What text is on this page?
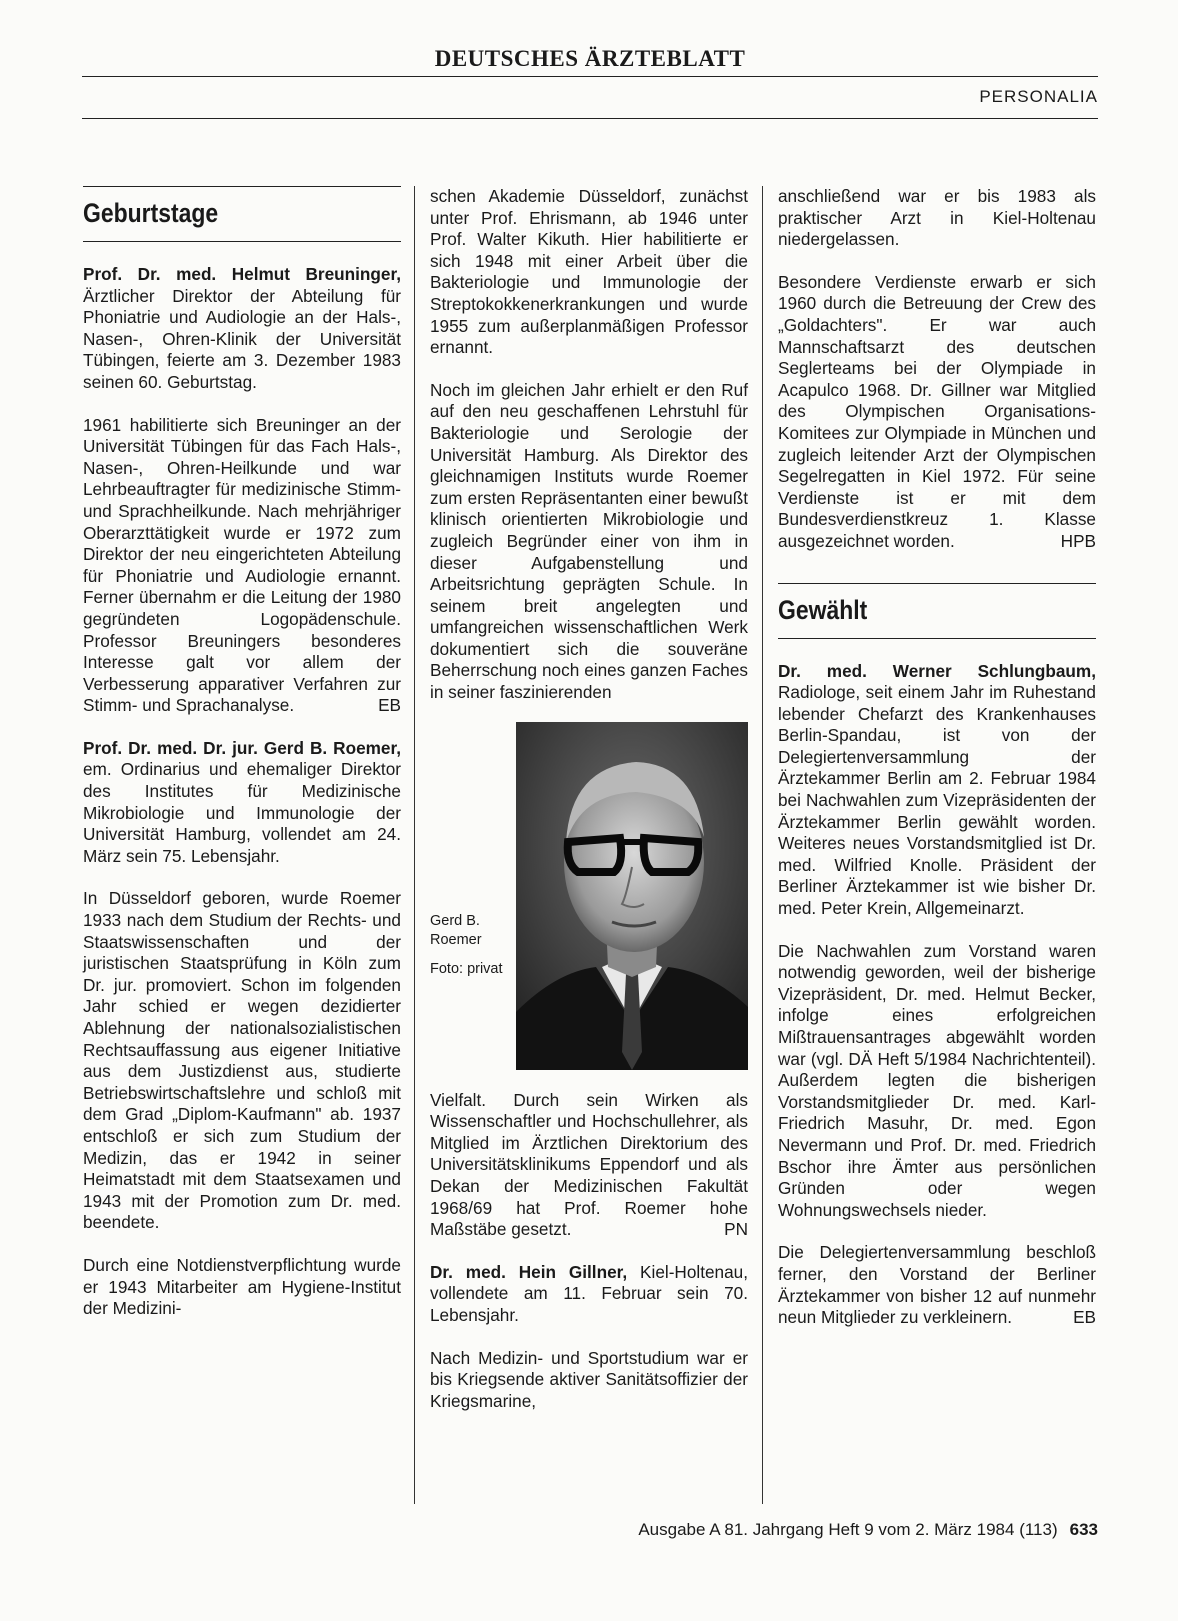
DEUTSCHES ÄRZTEBLATT
PERSONALIA
Geburtstage

Prof. Dr. med. Helmut Breuninger, Ärztlicher Direktor der Abteilung für Phoniatrie und Audiologie an der Hals-, Nasen-, Ohren-Klinik der Universität Tübingen, feierte am 3. Dezember 1983 seinen 60. Geburtstag.

1961 habilitierte sich Breuninger an der Universität Tübingen für das Fach Hals-, Nasen-, Ohren-Heilkunde und war Lehrbeauftragter für medizinische Stimm- und Sprachheilkunde. Nach mehrjähriger Oberarzttätigkeit wurde er 1972 zum Direktor der neu eingerichteten Abteilung für Phoniatrie und Audiologie ernannt. Ferner übernahm er die Leitung der 1980 gegründeten Logopädenschule. Professor Breuningers besonderes Interesse galt vor allem der Verbesserung apparativer Verfahren zur Stimm- und Sprachanalyse.	EB

Prof. Dr. med. Dr. jur. Gerd B. Roemer, em. Ordinarius und ehemaliger Direktor des Institutes für Medizinische Mikrobiologie und Immunologie der Universität Hamburg, vollendet am 24. März sein 75. Lebensjahr.

In Düsseldorf geboren, wurde Roemer 1933 nach dem Studium der Rechts- und Staatswissenschaften und der juristischen Staatsprüfung in Köln zum Dr. jur. promoviert. Schon im folgenden Jahr schied er wegen dezidierter Ablehnung der nationalsozialistischen Rechtsauffassung aus eigener Initiative aus dem Justizdienst aus, studierte Betriebswirtschaftslehre und schloß mit dem Grad „Diplom-Kaufmann" ab. 1937 entschloß er sich zum Studium der Medizin, das er 1942 in seiner Heimatstadt mit dem Staatsexamen und 1943 mit der Promotion zum Dr. med. beendete.

Durch eine Notdienstverpflichtung wurde er 1943 Mitarbeiter am Hygiene-Institut der Medizini-

schen Akademie Düsseldorf, zunächst unter Prof. Ehrismann, ab 1946 unter Prof. Walter Kikuth. Hier habilitierte er sich 1948 mit einer Arbeit über die Bakteriologie und Immunologie der Streptokokkenerkrankungen und wurde 1955 zum außerplanmäßigen Professor ernannt.

Noch im gleichen Jahr erhielt er den Ruf auf den neu geschaffenen Lehrstuhl für Bakteriologie und Serologie der Universität Hamburg. Als Direktor des gleichnamigen Instituts wurde Roemer zum ersten Repräsentanten einer bewußt klinisch orientierten Mikrobiologie und zugleich Begründer einer von ihm in dieser Aufgabenstellung und Arbeitsrichtung geprägten Schule. In seinem breit angelegten und umfangreichen wissenschaftlichen Werk dokumentiert sich die souveräne Beherrschung noch eines ganzen Faches in seiner faszinierenden

Gerd B. Roemer
Foto: privat

Vielfalt. Durch sein Wirken als Wissenschaftler und Hochschullehrer, als Mitglied im Ärztlichen Direktorium des Universitätsklinikums Eppendorf und als Dekan der Medizinischen Fakultät 1968/69 hat Prof. Roemer hohe Maßstäbe gesetzt.	PN

Dr. med. Hein Gillner, Kiel-Holtenau, vollendete am 11. Februar sein 70. Lebensjahr.

Nach Medizin- und Sportstudium war er bis Kriegsende aktiver Sanitätsoffizier der Kriegsmarine,

anschließend war er bis 1983 als praktischer Arzt in Kiel-Holtenau niedergelassen.

Besondere Verdienste erwarb er sich 1960 durch die Betreuung der Crew des „Goldachters". Er war auch Mannschaftsarzt des deutschen Seglerteams bei der Olympiade in Acapulco 1968. Dr. Gillner war Mitglied des Olympischen Organisations-Komitees zur Olympiade in München und zugleich leitender Arzt der Olympischen Segelregatten in Kiel 1972. Für seine Verdienste ist er mit dem Bundesverdienstkreuz 1. Klasse ausgezeichnet worden.	HPB

Gewählt

Dr. med. Werner Schlungbaum, Radiologe, seit einem Jahr im Ruhestand lebender Chefarzt des Krankenhauses Berlin-Spandau, ist von der Delegiertenversammlung der Ärztekammer Berlin am 2. Februar 1984 bei Nachwahlen zum Vizepräsidenten der Ärztekammer Berlin gewählt worden. Weiteres neues Vorstandsmitglied ist Dr. med. Wilfried Knolle. Präsident der Berliner Ärztekammer ist wie bisher Dr. med. Peter Krein, Allgemeinarzt.

Die Nachwahlen zum Vorstand waren notwendig geworden, weil der bisherige Vizepräsident, Dr. med. Helmut Becker, infolge eines erfolgreichen Mißtrauensantrages abgewählt worden war (vgl. DÄ Heft 5/1984 Nachrichtenteil). Außerdem legten die bisherigen Vorstandsmitglieder Dr. med. Karl-Friedrich Masuhr, Dr. med. Egon Nevermann und Prof. Dr. med. Friedrich Bschor ihre Ämter aus persönlichen Gründen oder wegen Wohnungswechsels nieder.

Die Delegiertenversammlung beschloß ferner, den Vorstand der Berliner Ärztekammer von bisher 12 auf nunmehr neun Mitglieder zu verkleinern.	EB

Ausgabe A 81. Jahrgang Heft 9 vom 2. März 1984 (113) 633
